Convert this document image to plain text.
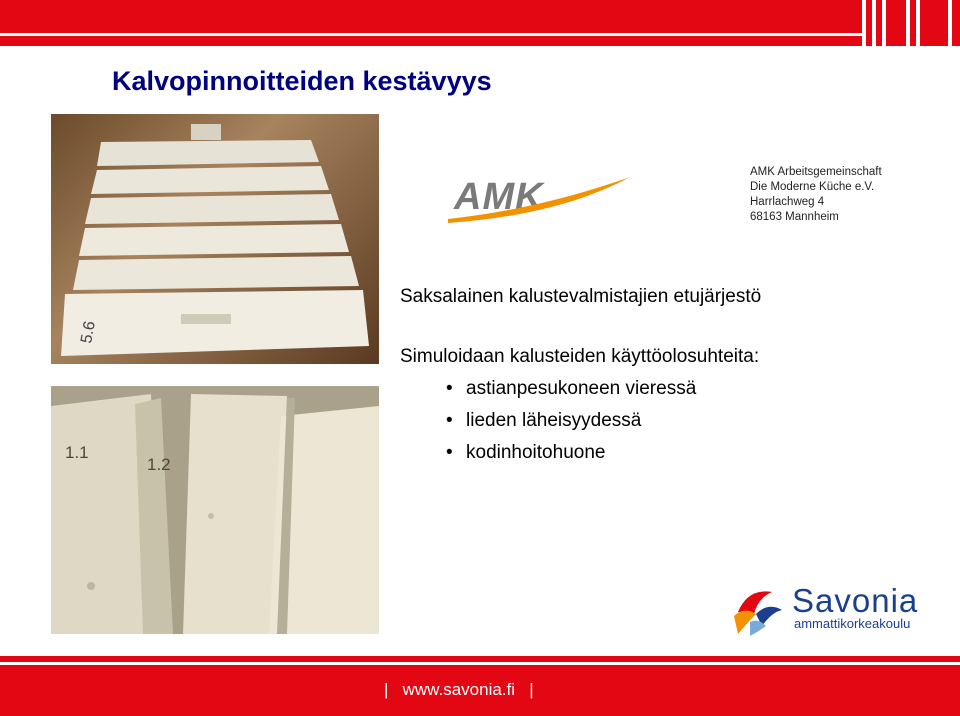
Kalvopinnoitteiden kestävyys
5.6
1.1
1.2
AMK
AMK Arbeitsgemeinschaft
Die Moderne Küche e.V.
Harrlachweg 4
68163 Mannheim
Saksalainen kalustevalmistajien etujärjestö
Simuloidaan kalusteiden käyttöolosuhteita:
• astianpesukoneen vieressä
• lieden läheisyydessä
• kodinhoitohuone
Savonia
ammattikorkeakoulu
|   www.savonia.fi   |
